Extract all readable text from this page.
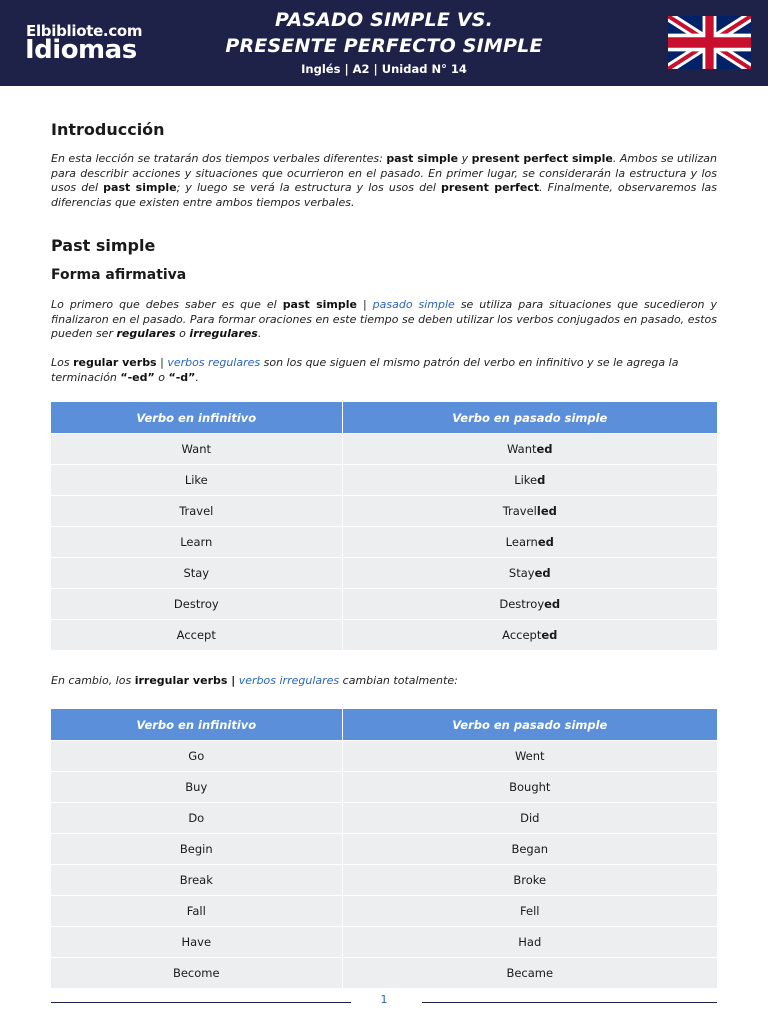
Elbibliote.com
Idiomas
PASADO SIMPLE VS.
PRESENTE PERFECTO SIMPLE
Inglés | A2 | Unidad N° 14
Introducción

En esta lección se tratarán dos tiempos verbales diferentes: past simple y present perfect simple. Ambos se utilizan para describir acciones y situaciones que ocurrieron en el pasado. En primer lugar, se considerarán la estructura y los usos del past simple; y luego se verá la estructura y los usos del present perfect. Finalmente, observaremos las diferencias que existen entre ambos tiempos verbales.

Past simple
Forma afirmativa

Lo primero que debes saber es que el past simple | pasado simple se utiliza para situaciones que sucedieron y finalizaron en el pasado. Para formar oraciones en este tiempo se deben utilizar los verbos conjugados en pasado, estos pueden ser regulares o irregulares.

Los regular verbs | verbos regulares son los que siguen el mismo patrón del verbo en infinitivo y se le agrega la terminación “-ed” o “-d”.

Verbo en infinitivo	Verbo en pasado simple
Want	Wanted
Like	Liked
Travel	Travelled
Learn	Learned
Stay	Stayed
Destroy	Destroyed
Accept	Accepted

En cambio, los irregular verbs | verbos irregulares cambian totalmente:

Verbo en infinitivo	Verbo en pasado simple
Go	Went
Buy	Bought
Do	Did
Begin	Began
Break	Broke
Fall	Fell
Have	Had
Become	Became
1
